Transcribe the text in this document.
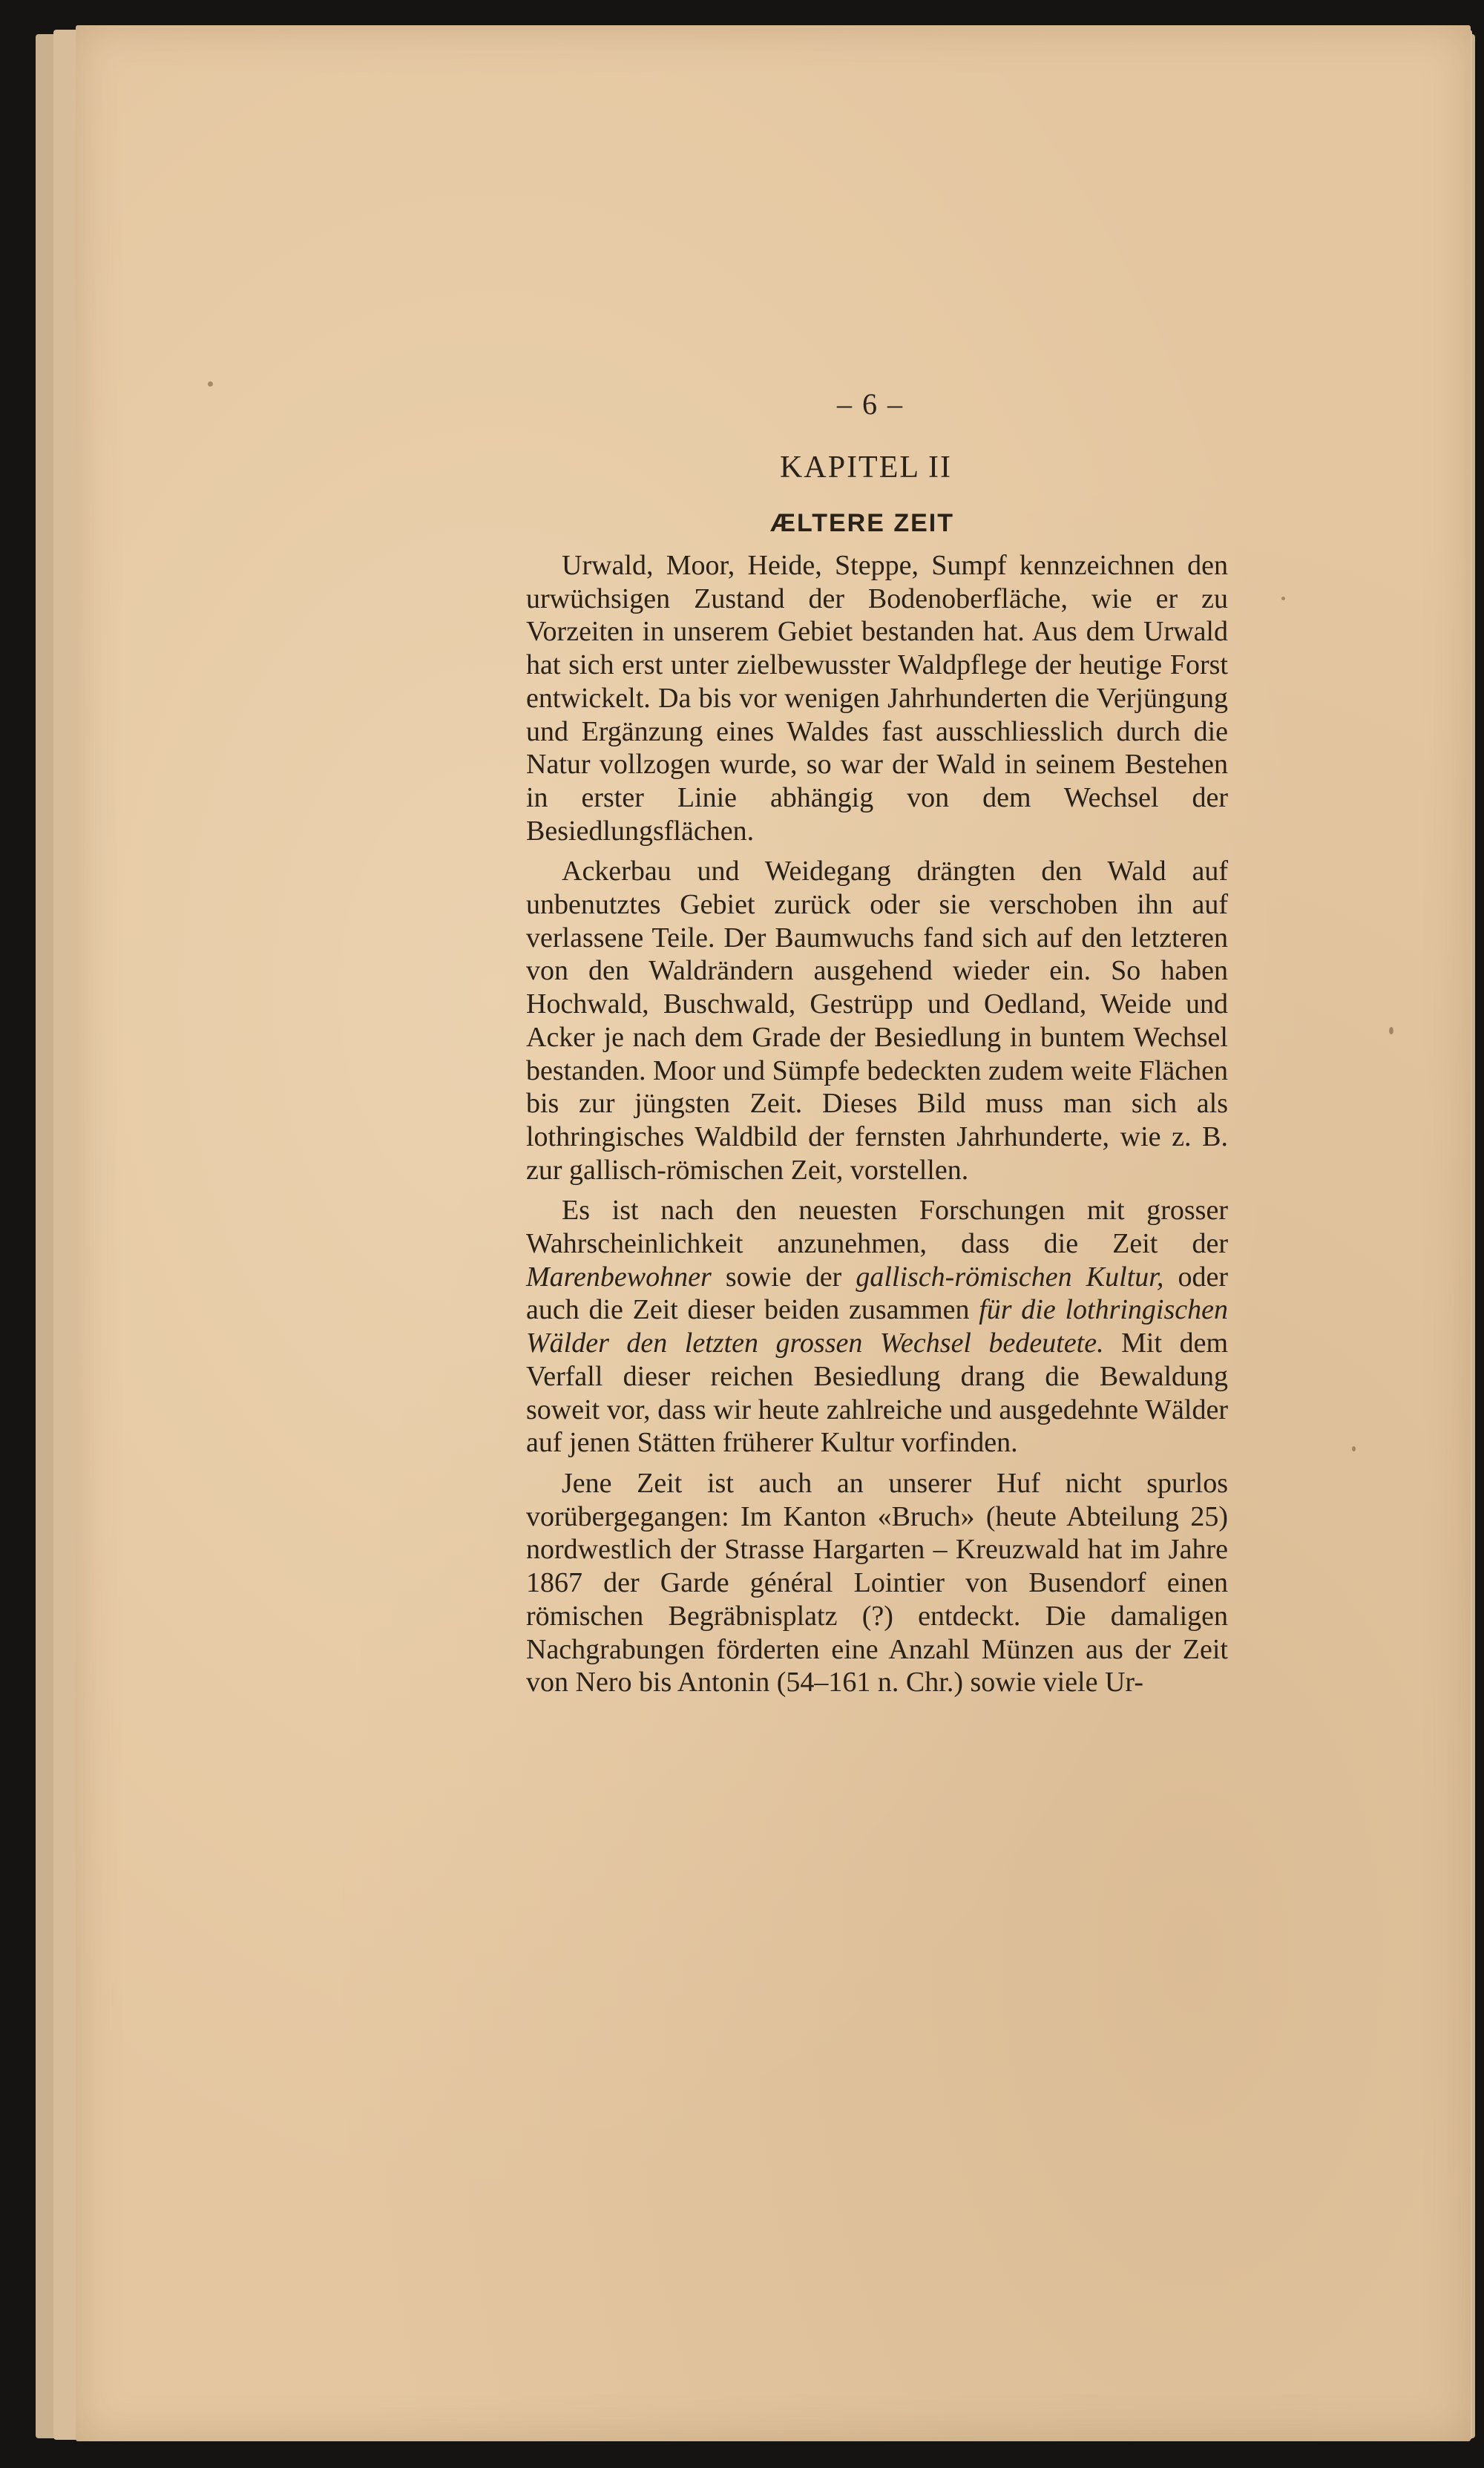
– 6 –
KAPITEL II
ÆLTERE ZEIT

Urwald, Moor, Heide, Steppe, Sumpf kennzeichnen den urwüchsigen Zustand der Bodenoberfläche, wie er zu Vorzeiten in unserem Gebiet bestanden hat. Aus dem Urwald hat sich erst unter zielbewusster Waldpflege der heutige Forst entwickelt. Da bis vor wenigen Jahrhunderten die Verjüngung und Ergänzung eines Waldes fast ausschliesslich durch die Natur vollzogen wurde, so war der Wald in seinem Bestehen in erster Linie abhängig von dem Wechsel der Besiedlungsflächen.

Ackerbau und Weidegang drängten den Wald auf unbenutztes Gebiet zurück oder sie verschoben ihn auf verlassene Teile. Der Baumwuchs fand sich auf den letzteren von den Waldrändern ausgehend wieder ein. So haben Hochwald, Buschwald, Gestrüpp und Oedland, Weide und Acker je nach dem Grade der Besiedlung in buntem Wechsel bestanden. Moor und Sümpfe bedeckten zudem weite Flächen bis zur jüngsten Zeit. Dieses Bild muss man sich als lothringisches Waldbild der fernsten Jahrhunderte, wie z. B. zur gallisch-römischen Zeit, vorstellen.

Es ist nach den neuesten Forschungen mit grosser Wahrscheinlichkeit anzunehmen, dass die Zeit der Marenbewohner sowie der gallisch-römischen Kultur, oder auch die Zeit dieser beiden zusammen für die lothringischen Wälder den letzten grossen Wechsel bedeutete. Mit dem Verfall dieser reichen Besiedlung drang die Bewaldung soweit vor, dass wir heute zahlreiche und ausgedehnte Wälder auf jenen Stätten früherer Kultur vorfinden.

Jene Zeit ist auch an unserer Huf nicht spurlos vorübergegangen: Im Kanton «Bruch» (heute Abteilung 25) nordwestlich der Strasse Hargarten – Kreuzwald hat im Jahre 1867 der Garde général Lointier von Busendorf einen römischen Begräbnisplatz (?) entdeckt. Die damaligen Nachgrabungen förderten eine Anzahl Münzen aus der Zeit von Nero bis Antonin (54–161 n. Chr.) sowie viele Ur-
